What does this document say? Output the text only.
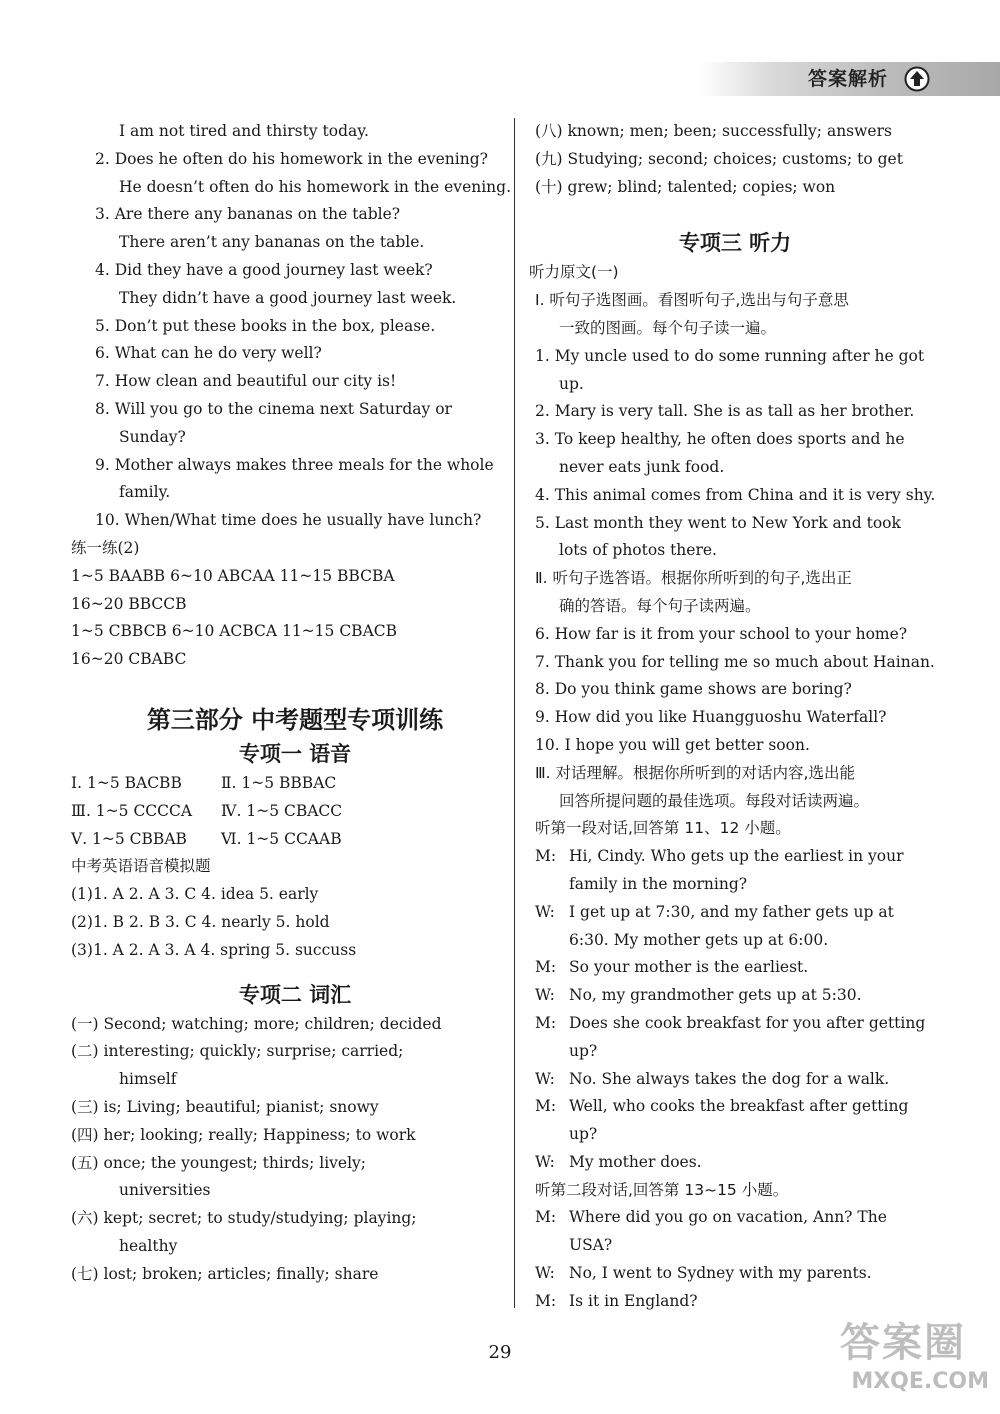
答案解析
I am not tired and thirsty today.
2. Does he often do his homework in the evening?
He doesn’t often do his homework in the evening.
3. Are there any bananas on the table?
There aren’t any bananas on the table.
4. Did they have a good journey last week?
They didn’t have a good journey last week.
5. Don’t put these books in the box, please.
6. What can he do very well?
7. How clean and beautiful our city is!
8. Will you go to the cinema next Saturday or
Sunday?
9. Mother always makes three meals for the whole
family.
10. When/What time does he usually have lunch?
练一练(2)
1~5 BAABB 6~10 ABCAA 11~15 BBCBA
16~20 BBCCB
1~5 CBBCB 6~10 ACBCA 11~15 CBACB
16~20 CBABC
第三部分 中考题型专项训练
专项一 语音
Ⅰ. 1~5 BACBB	Ⅱ. 1~5 BBBAC
Ⅲ. 1~5 CCCCA	Ⅳ. 1~5 CBACC
Ⅴ. 1~5 CBBAB	Ⅵ. 1~5 CCAAB
中考英语语音模拟题
(1)1. A 2. A 3. C 4. idea 5. early
(2)1. B 2. B 3. C 4. nearly 5. hold
(3)1. A 2. A 3. A 4. spring 5. succuss
专项二 词汇
(一) Second; watching; more; children; decided
(二) interesting; quickly; surprise; carried;
himself
(三) is; Living; beautiful; pianist; snowy
(四) her; looking; really; Happiness; to work
(五) once; the youngest; thirds; lively;
universities
(六) kept; secret; to study/studying; playing;
healthy
(七) lost; broken; articles; finally; share
(八) known; men; been; successfully; answers
(九) Studying; second; choices; customs; to get
(十) grew; blind; talented; copies; won
专项三 听力
听力原文(一)
Ⅰ. 听句子选图画。看图听句子,选出与句子意思
一致的图画。每个句子读一遍。
1. My uncle used to do some running after he got
up.
2. Mary is very tall. She is as tall as her brother.
3. To keep healthy, he often does sports and he
never eats junk food.
4. This animal comes from China and it is very shy.
5. Last month they went to New York and took
lots of photos there.
Ⅱ. 听句子选答语。根据你所听到的句子,选出正
确的答语。每个句子读两遍。
6. How far is it from your school to your home?
7. Thank you for telling me so much about Hainan.
8. Do you think game shows are boring?
9. How did you like Huangguoshu Waterfall?
10. I hope you will get better soon.
Ⅲ. 对话理解。根据你所听到的对话内容,选出能
回答所提问题的最佳选项。每段对话读两遍。
听第一段对话,回答第 11、12 小题。
M: Hi, Cindy. Who gets up the earliest in your
family in the morning?
W: I get up at 7:30, and my father gets up at
6:30. My mother gets up at 6:00.
M: So your mother is the earliest.
W: No, my grandmother gets up at 5:30.
M: Does she cook breakfast for you after getting
up?
W: No. She always takes the dog for a walk.
M: Well, who cooks the breakfast after getting
up?
W: My mother does.
听第二段对话,回答第 13~15 小题。
M: Where did you go on vacation, Ann? The
USA?
W: No, I went to Sydney with my parents.
M: Is it in England?
29	答案圈
MXQE.COM
